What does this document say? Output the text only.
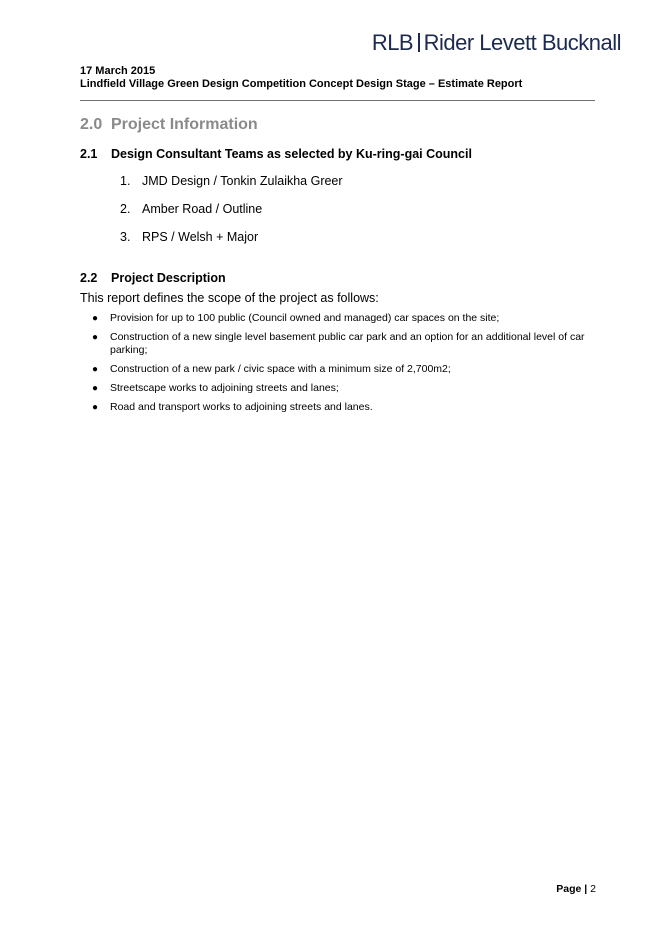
RLB Rider Levett Bucknall
17 March 2015
Lindfield Village Green Design Competition Concept Design Stage – Estimate Report
2.0 Project Information
2.1 Design Consultant Teams as selected by Ku-ring-gai Council
1. JMD Design / Tonkin Zulaikha Greer
2. Amber Road / Outline
3. RPS / Welsh + Major
2.2 Project Description
This report defines the scope of the project as follows:
● Provision for up to 100 public (Council owned and managed) car spaces on the site;
● Construction of a new single level basement public car park and an option for an additional level of car parking;
● Construction of a new park / civic space with a minimum size of 2,700m2;
● Streetscape works to adjoining streets and lanes;
● Road and transport works to adjoining streets and lanes.
Page | 2
